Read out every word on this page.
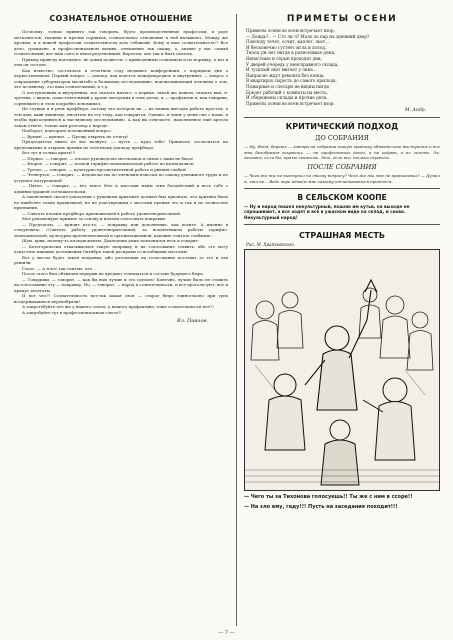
СОЗНАТЕЛЬНОЕ ОТНОШЕНИЕ

По-моему, только принято так говорить, будто производственные профессии, в роде металлистов, ткачихи и прочих горняков, сознательное отношение к ней вызывают. Между же прочим, и в нашей профессии сознательности хоть отбавляй. Кому и шах сознательность!? Все дело, граждане, в профессиональном активе, отношение так скажу, а, активе у нас самый сознательный, вот наш союз и непосредственный. Впрочем, оно так и быть сказать.

Пример приведу нагляднее, не давай подвести, с приведенным сознанием и по-порядку, а вот в чем он состоит.

Как известно, состоялась в отчетном году недавнее конференция, с порядком дня о первостепенном: Первый вопрос — доклад, как ведется международное и внутреннее — вопрос о сокращение губернаторов масштабе к большому исследованию, попоказывающий человека о том, что по-ихнему, это наш сознательный, и т.д.

О поступлениях и внутренних, все сказать ничего, о первых, такой же нашем, сказать вам, в-третьих, с видом, самостоятельный у кроме актерских в этих делах; и — профактив и, как товарищ, сорнейшего и этом подробно вспоминал.

Не слушав я я речь профбюро, потому что котором их — на наших выгодах работа простоя, а тем вам, акив лишнему, иночтать на эту тему, как говорится. Однако, и лишь у меня сил с нами, и чтобы присоединится к наглядному исследованию. А как вы отвечаете, наполненное ещё кресла таком ответе, только вам разговор о народе.

Наоборот, повторить положенный вопрос.

— Время! — кричит. — Прошу открыть по отчету!

Председатель никто из вас волнует, — пусть — куда тебе! Пришлось согласиться на предложение и открыть прения по отчетному докладу профбюро.

Вот тут я только крыть!!!

— Первое, — говорит, — плохое руководство месткомом и связи с вами не было!

— Второе, — говорит, — плохой тарифно-экономической работе по назначались!

— Третье, — говорит, — культурно-просветительной работе и рвения слабая!

— Четвертое, — говорит, — недовольство по членским взносам по списку денежного труда и не уступает натуральной!

— Пятое, — говорит, — вот такое Мое и массами маны этих бездействий и весь собе с администрацией соглашательски.

А заключение сказал докладчик с рукенкам прихожее должен был признать, что критика была по наиболее очень правильной, но не участвующим с массами прения это и так и не полностью признания.

— Считать плохим профбюро признаваемой в работе удовлетворительной.

Мое рекомендую принять за основу и начали голосовать поправки.

— Предлагаю, — кричит кто-то, — поправку или дополнение, как хотите. А именно в следующем: «Считать работу удовлетворительной, за исключением работы тарифно-экономической, культурно-просветительной и организационной, каковые считать слабыми».

Шум, крик, почему-то аплодисменты. Докладчик даже поклонился весь и говорит:

— Категорически отказываемся такую поправку и на голосование ставить, ибо это могу допустить никакие достижения Октября такой расправы со всеобщими массами!

Вот у массы будет такая поправка, ибо резолюция на голосование поставят за это и так решили.

Голос: — А я вот так считаю, что...

После этого был объявлен перерыв на предмет совещаться в составе будущего бюро.

— Товарищи, — говорит, — как бы нам лучше и это сделать! Конечно, лучше было не ставить на голосование эту — поправку. Но, — говорит, — народ в сознательности, и все проголосуют, вот и придут делегаты.

И вот что?! Сознательность вот-так какая своя — старое бюро единогласно при трех воздержавшихся переизбрали!

А запротебуйте что же у нашего союза, у нашего профактива, тоже сознательности нет?!

А запробуйте тут в профессиональном союзе?!

Вл. Павлов.
ПРИМЕТЫ ОСЕНИ
Приметы осени во всем встречает взор:
— Дождь?.. — Сто ли ч? Мало ль пар на здешний двор?
Повсюду течет, сочит, каплет, льет...
И бесконечно густеет мгла и холод,
Тепла уж нет нигде в разносимые дома,
Ненастные и серые проходят дни,
У дверей очередь у неисправного склада,
И тусклый свет мигает у окна...
Напрасно ждут ремонта без конца,
В квартирах сырость до самого крыльца.
Пожарные и слесари не видны нигде,
Бредет рабочий с комнаты на месть,
И сбережены склады и прочие дела,
Приметы осени во всем встречает взор.
М. Андр.
КРИТИЧЕСКИЙ ПОДХОД
ДО СОБРАНИЯ
— Ну, Ваня, берешь — завтра на собрании такую критику обязательно выступить и все эти безобразия вскроешь, — ни профсоюзных денег, а ни кадров, а из льготы. Эх, дескать, если бы, прямо скажешь. Это, если все, только держись.
ПОСЛЕ СОБРАНИЯ
— Чего же ты не выступил по этому вопросу? Чего же ты мне не критиковал? — Думал я, что не... Ведь чеpе вдвоём мне самому отчитываться придется.
В СЕЛЬСКОМ КООПЕ
— Ну и народ пошел некультурный, пошлю им кутьи, на выходе не спрашивают, а все ходят и всё в ужасном виде на склад, и снова. Некультурный народ!
СТРАШНАЯ МЕСТЬ
Рис. М. Храпковского.
— Чего ты за Тихонова голосуешь!! Ты же с ним в ссоре!!
— На зло ему, гаду!!! Пусть на заседания походит!!!
— 7 —
